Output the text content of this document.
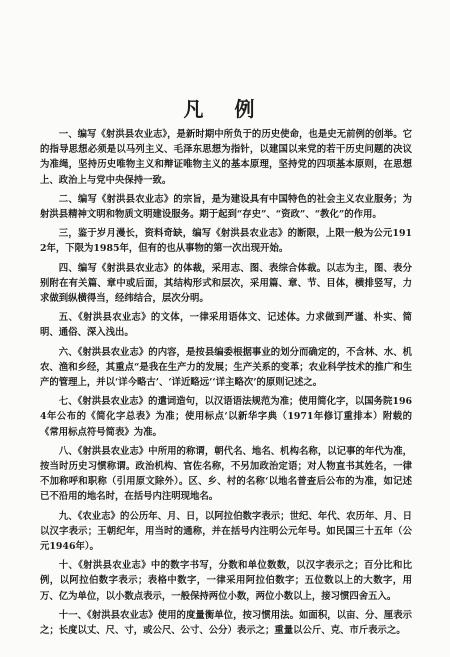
凡 例

一、编写《射洪县农业志》，是新时期中所负于的历史使命，也是史无前例的创举。它的指导思想必须是以马列主义、毛泽东思想为指针，以建国以来党的若干历史问题的决议为准绳，坚持历史唯物主义和辩证唯物主义的基本原理，坚持党的四项基本原则，在思想上、政治上与党中央保持一致。

二、编写《射洪县农业志》的宗旨，是为建设具有中国特色的社会主义农业服务；为射洪县精神文明和物质文明建设服务。期于起到“存史”、“资政”、“教化”的作用。

三，鉴于岁月漫长，资料奇缺，编写《射洪县农业志》的断限，上限一般为公元1912年，下限为1985年，但有的也从事物的第一次出现开始。

四、编写《射洪县农业志》的体裁，采用志、图、表综合体裁。以志为主，图、表分别附在有关篇、章中或后面，其结构形式和层次，采用篇、章、节、目体，横排竖写，力求做到纵横得当，经纬结合，层次分明。

五、《射洪县农业志》的文体，一律采用语体文、记述体。力求做到严谨、朴实、简明、通俗、深入浅出。

六、《射洪县农业志》的内容，是按县编委根据事业的划分而确定的，不含林、水、机农、渔和乡经，其重点“是我在生产力的发展；生产关系的变革；农业科学技术的推广和生产的管理上，并以‘详今略古’、‘详近略远’‘详主略次’的原则记述之。

七、《射洪县农业志》的遣词造句，以汉语语法规范为准；使用简化字，以国务院1964年公布的《简化字总表》为准；使用标点‘以新华字典（1971年修订重排本）附载的《常用标点符号简表》为准。

八、《射洪县农业志》中所用的称谓，朝代名、地名、机构名称，以记事的年代为准，按当时历史习惯称谓。政治机构、官佐名称，不另加政治定语；对人物直书其姓名，一律不加称呼和职称（引用原文除外）。区、乡、村的名称‘以地名普查后公布的为准，如记述已不沿用的地名时，在括号内注明现地名。

九、《农业志》的公历年、月、日，以阿拉伯数字表示；世纪、年代、农历年、月、日以汉字表示；王朝纪年，用当时的通称，并在括号内注明公元年号。如民国三十五年（公元1946年）。

十、《射洪县农业志》中的数字书写，分数和单位数数，以汉字表示之；百分比和比例，以阿拉伯数字表示；表格中数字，一律采用阿拉伯数字；五位数以上的大数字，用万、亿为单位，以小数点表示，一般保持两位小数，两位小数以上，接习惯四舍五入。

十一、《射洪县农业志》使用的度量衡单位，按习惯用法。如面积，以亩、分、厘表示之；长度以丈、尺、寸，或公尺、公寸、公分）表示之；重量以公斤、克、市斤表示之。
